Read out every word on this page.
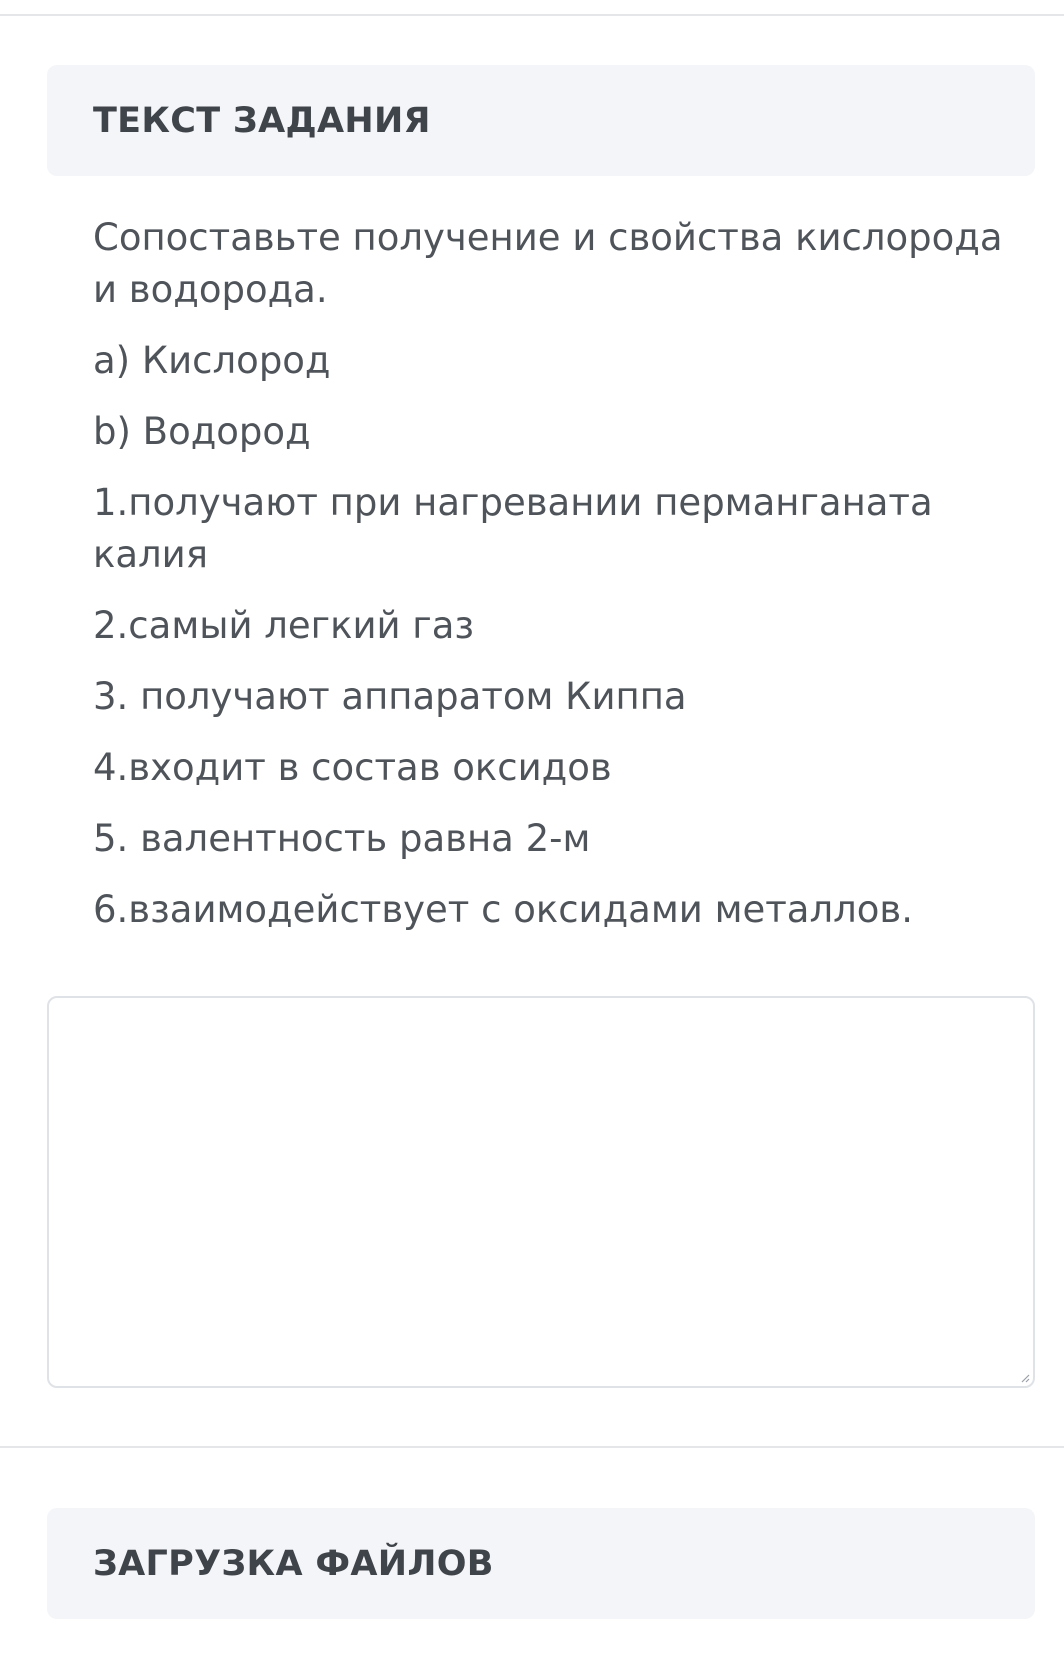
ТЕКСТ ЗАДАНИЯ

Сопоставьте получение и свойства кислорода и водорода.

a) Кислород

b) Водород

1.получают при нагревании перманганата калия

2.самый легкий газ

3. получают аппаратом Киппа

4.входит в состав оксидов

5. валентность равна 2-м

6.взаимодействует с оксидами металлов.

ЗАГРУЗКА ФАЙЛОВ
